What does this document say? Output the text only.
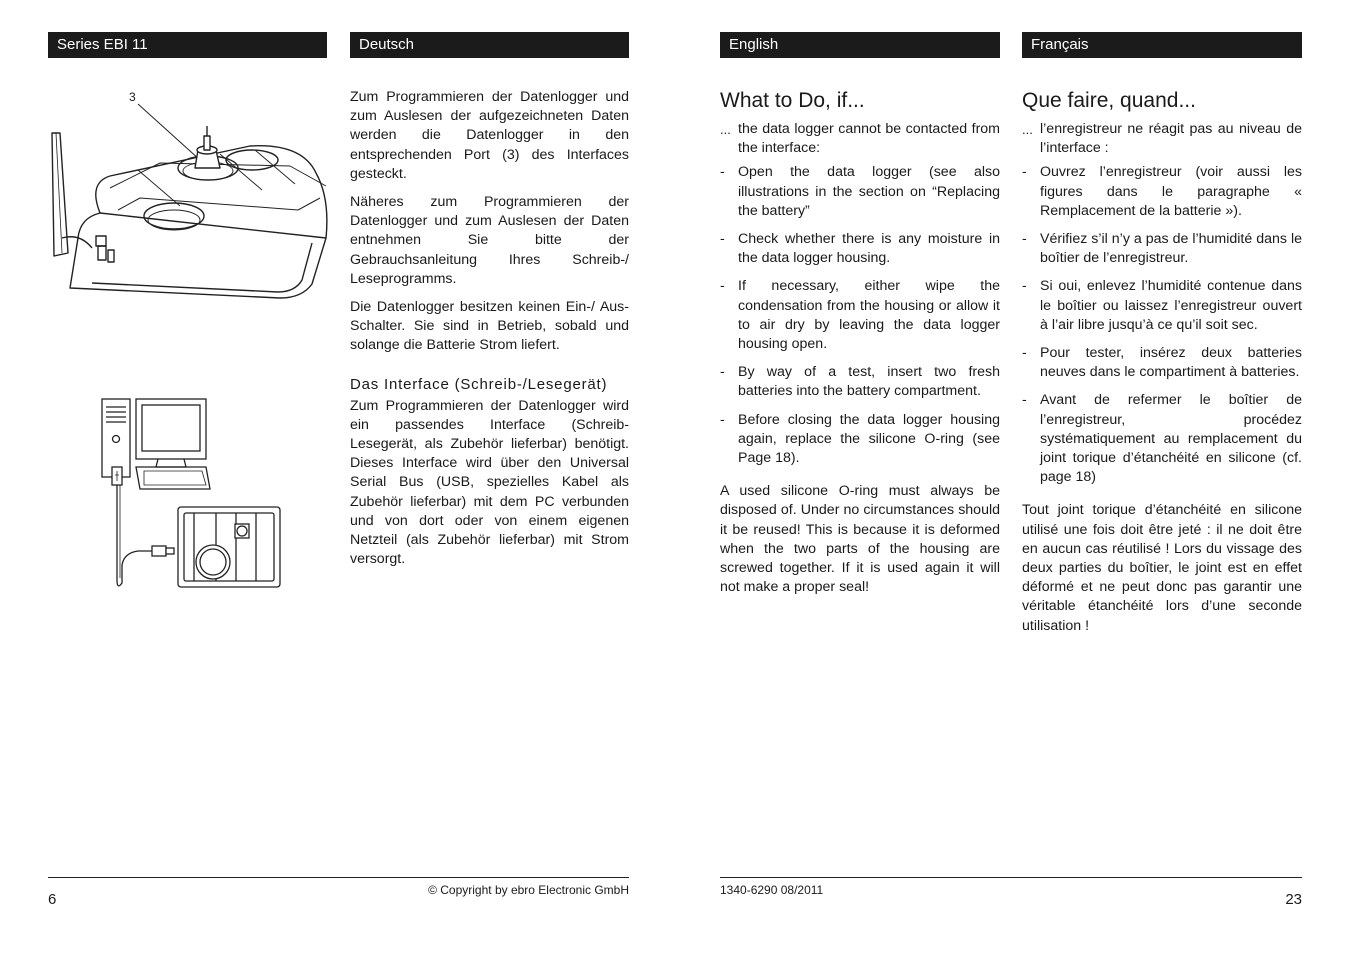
Series EBI 11	Deutsch
3	Zum Programmieren der Datenlogger und zum Auslesen der aufgezeichneten Daten werden die Datenlogger in den entsprechenden Port (3) des Interfaces gesteckt.

Näheres zum Programmieren der Datenlogger und zum Auslesen der Daten entnehmen Sie bitte der Gebrauchsanleitung Ihres Schreib-/ Leseprogramms.

Die Datenlogger besitzen keinen Ein-/ Aus-Schalter. Sie sind in Betrieb, sobald und solange die Batterie Strom liefert.

Das Interface (Schreib-/Lesegerät)

Zum Programmieren der Datenlogger wird ein passendes Interface (Schreib-Lesegerät, als Zubehör lieferbar) benötigt. Dieses Interface wird über den Universal Serial Bus (USB, spezielles Kabel als Zubehör lieferbar) mit dem PC verbunden und von dort oder von einem eigenen Netzteil (als Zubehör lieferbar) mit Strom versorgt.

6
© Copyright by ebro Electronic GmbH
English	Français
What to Do, if...
... the data logger cannot be contacted from the interface:
- Open the data logger (see also illustrations in the section on “Replacing the battery”
- Check whether there is any moisture in the data logger housing.
- If necessary, either wipe the condensation from the housing or allow it to air dry by leaving the data logger housing open.
- By way of a test, insert two fresh batteries into the battery compartment.
- Before closing the data logger housing again, replace the silicone O-ring (see Page 18).

A used silicone O-ring must always be disposed of. Under no circumstances should it be reused! This is because it is deformed when the two parts of the housing are screwed together. If it is used again it will not make a proper seal!

Que faire, quand...
... l’enregistreur ne réagit pas au niveau de l’interface :
- Ouvrez l’enregistreur (voir aussi les figures dans le paragraphe « Remplacement de la batterie »).
- Vérifiez s’il n’y a pas de l’humidité dans le boîtier de l’enregistreur.
- Si oui, enlevez l’humidité contenue dans le boîtier ou laissez l’enregistreur ouvert à l’air libre jusqu’à ce qu’il soit sec.
- Pour tester, insérez deux batteries neuves dans le compartiment à batteries.
- Avant de refermer le boîtier de l’enregistreur, procédez systématiquement au remplacement du joint torique d’étanchéité en silicone (cf. page 18)

Tout joint torique d’étanchéité en silicone utilisé une fois doit être jeté : il ne doit être en aucun cas réutilisé ! Lors du vissage des deux parties du boîtier, le joint est en effet déformé et ne peut donc pas garantir une véritable étanchéité lors d’une seconde utilisation !

1340-6290 08/2011
23
